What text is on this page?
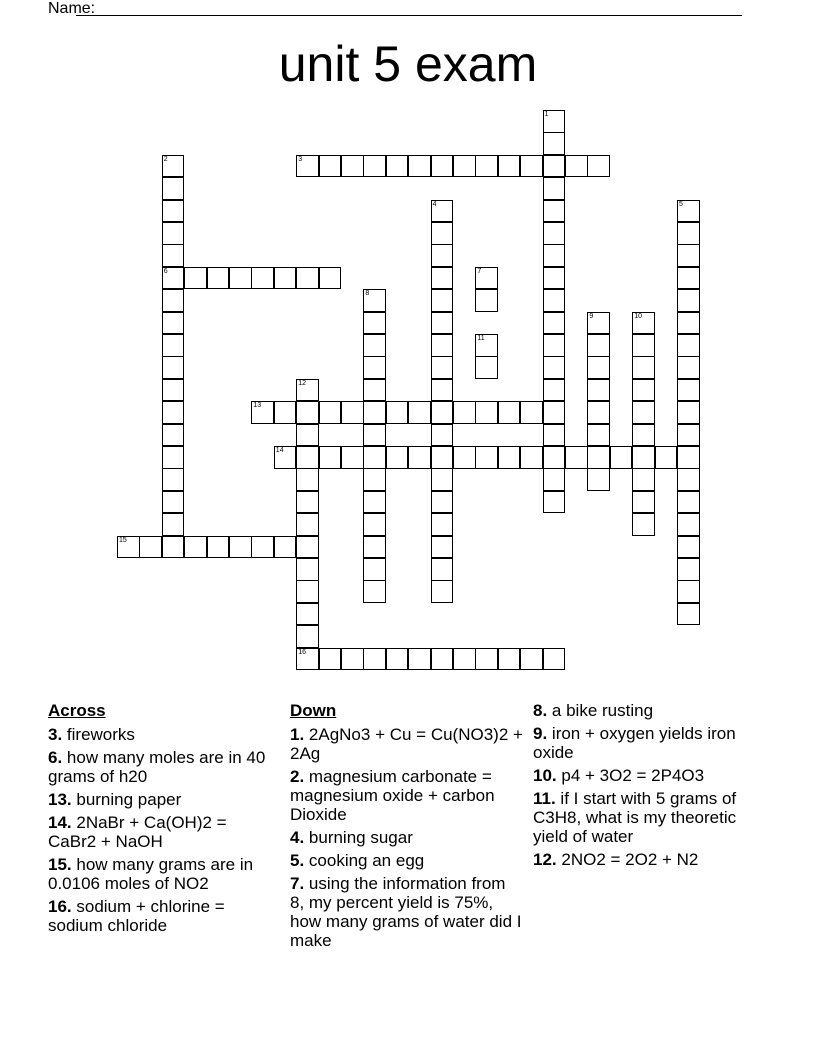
Name:
unit 5 exam
1
2
6
3
4	5
7
8
9	10
11
12
13
14
15
16
Across
3. fireworks
6. how many moles are in 40 grams of h20
13. burning paper
14. 2NaBr + Ca(OH)2 = CaBr2 + NaOH
15. how many grams are in 0.0106 moles of NO2
16. sodium + chlorine = sodium chloride
Down
1. 2AgNo3 + Cu = Cu(NO3)2 + 2Ag
2. magnesium carbonate = magnesium oxide + carbon Dioxide
4. burning sugar
5. cooking an egg
7. using the information from 8, my percent yield is 75%, how many grams of water did I make
8. a bike rusting
9. iron + oxygen yields iron oxide
10. p4 + 3O2 = 2P4O3
11. if I start with 5 grams of C3H8, what is my theoretic yield of water
12. 2NO2 = 2O2 + N2
